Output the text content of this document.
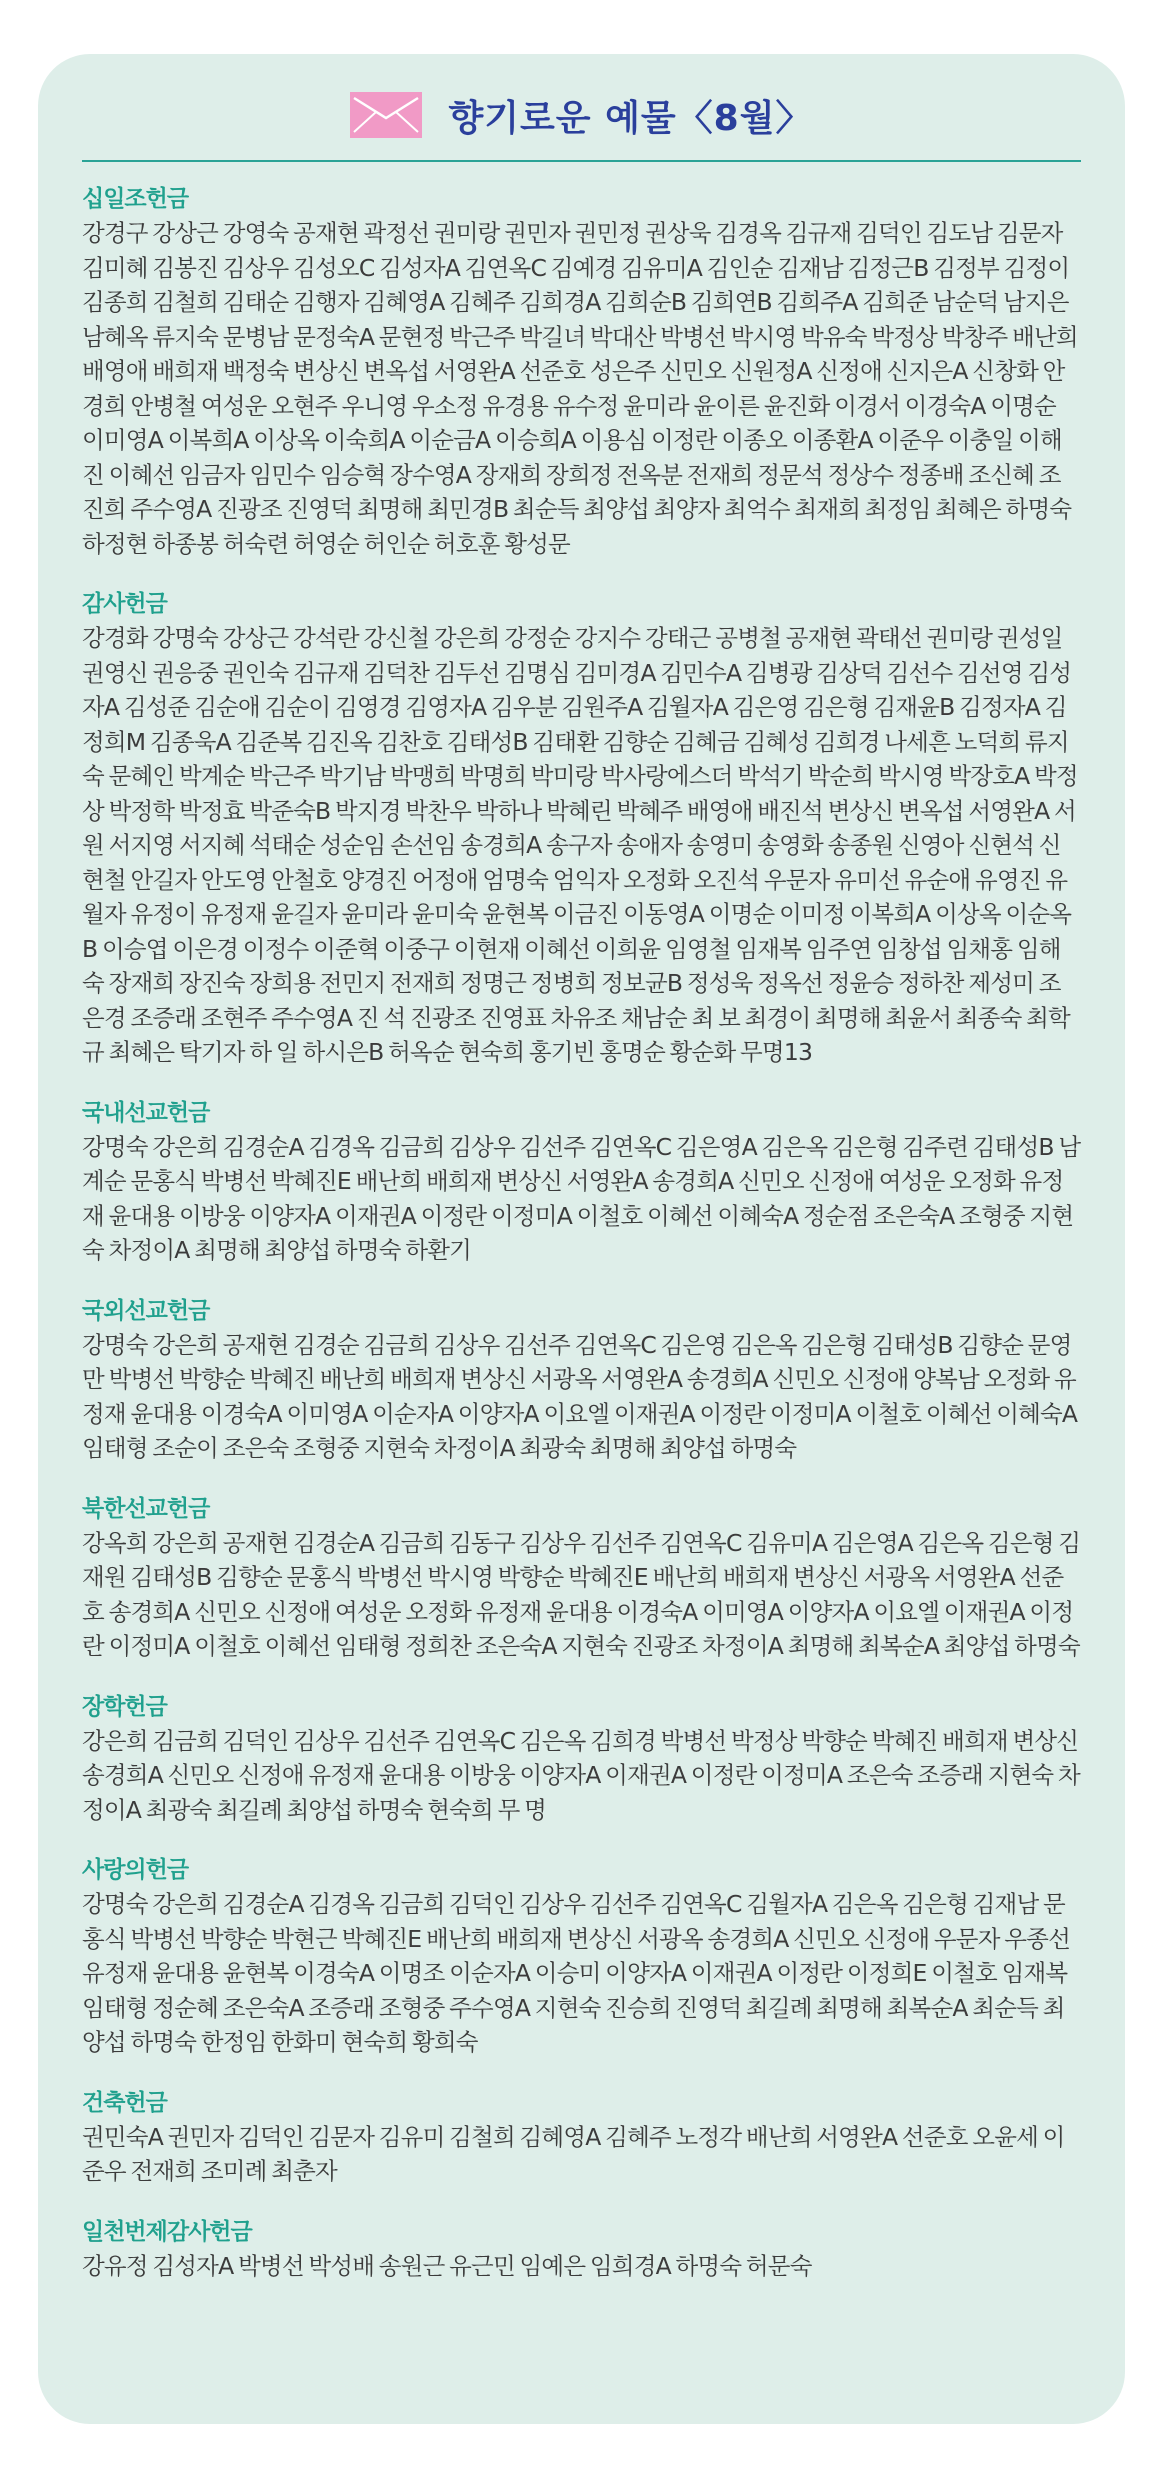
향기로운 예물〈8월〉
십일조헌금
강경구 강상근 강영숙 공재현 곽정선 권미랑 권민자 권민정 권상욱 김경옥 김규재 김덕인 김도남 김문자 김미혜 김봉진 김상우 김성오C 김성자A 김연옥C 김예경 김유미A 김인순 김재남 김정근B 김정부 김정이 김종희 김철희 김태순 김행자 김혜영A 김혜주 김희경A 김희순B 김희연B 김희주A 김희준 남순덕 남지은 남혜옥 류지숙 문병남 문정숙A 문현정 박근주 박길녀 박대산 박병선 박시영 박유숙 박정상 박창주 배난희 배영애 배희재 백정숙 변상신 변옥섭 서영완A 선준호 성은주 신민오 신원정A 신정애 신지은A 신창화 안경희 안병철 여성운 오현주 우니영 우소정 유경용 유수정 윤미라 윤이른 윤진화 이경서 이경숙A 이명순 이미영A 이복희A 이상옥 이숙희A 이순금A 이승희A 이용심 이정란 이종오 이종환A 이준우 이충일 이해진 이혜선 임금자 임민수 임승혁 장수영A 장재희 장희정 전옥분 전재희 정문석 정상수 정종배 조신혜 조진희 주수영A 진광조 진영덕 최명해 최민경B 최순득 최양섭 최양자 최억수 최재희 최정임 최혜은 하명숙 하정현 하종봉 허숙련 허영순 허인순 허호훈 황성문
감사헌금
강경화 강명숙 강상근 강석란 강신철 강은희 강정순 강지수 강태근 공병철 공재현 곽태선 권미랑 권성일 권영신 권응중 권인숙 김규재 김덕찬 김두선 김명심 김미경A 김민수A 김병광 김상덕 김선수 김선영 김성자A 김성준 김순애 김순이 김영경 김영자A 김우분 김원주A 김월자A 김은영 김은형 김재윤B 김정자A 김정희M 김종욱A 김준복 김진옥 김찬호 김태성B 김태환 김향순 김혜금 김혜성 김희경 나세흔 노덕희 류지숙 문혜인 박계순 박근주 박기남 박맹희 박명희 박미랑 박사랑에스더 박석기 박순희 박시영 박장호A 박정상 박정학 박정효 박준숙B 박지경 박찬우 박하나 박혜린 박혜주 배영애 배진석 변상신 변옥섭 서영완A 서 원 서지영 서지혜 석태순 성순임 손선임 송경희A 송구자 송애자 송영미 송영화 송종원 신영아 신현석 신현철 안길자 안도영 안철호 양경진 어정애 엄명숙 엄익자 오정화 오진석 우문자 유미선 유순애 유영진 유월자 유정이 유정재 윤길자 윤미라 윤미숙 윤현복 이금진 이동영A 이명순 이미정 이복희A 이상옥 이순옥B 이승엽 이은경 이정수 이준혁 이중구 이현재 이혜선 이희윤 임영철 임재복 임주연 임창섭 임채홍 임해숙 장재희 장진숙 장희용 전민지 전재희 정명근 정병희 정보균B 정성욱 정옥선 정윤승 정하찬 제성미 조은경 조증래 조현주 주수영A 진 석 진광조 진영표 차유조 채남순 최 보 최경이 최명해 최윤서 최종숙 최학규 최혜은 탁기자 하 일 하시은B 허옥순 현숙희 홍기빈 홍명순 황순화 무명13
국내선교헌금
강명숙 강은희 김경순A 김경옥 김금희 김상우 김선주 김연옥C 김은영A 김은옥 김은형 김주련 김태성B 남계순 문홍식 박병선 박혜진E 배난희 배희재 변상신 서영완A 송경희A 신민오 신정애 여성운 오정화 유정재 윤대용 이방웅 이양자A 이재권A 이정란 이정미A 이철호 이혜선 이혜숙A 정순점 조은숙A 조형중 지현숙 차정이A 최명해 최양섭 하명숙 하환기
국외선교헌금
강명숙 강은희 공재현 김경순 김금희 김상우 김선주 김연옥C 김은영 김은옥 김은형 김태성B 김향순 문영만 박병선 박향순 박혜진 배난희 배희재 변상신 서광옥 서영완A 송경희A 신민오 신정애 양복남 오정화 유정재 윤대용 이경숙A 이미영A 이순자A 이양자A 이요엘 이재권A 이정란 이정미A 이철호 이혜선 이혜숙A 임태형 조순이 조은숙 조형중 지현숙 차정이A 최광숙 최명해 최양섭 하명숙
북한선교헌금
강옥희 강은희 공재현 김경순A 김금희 김동구 김상우 김선주 김연옥C 김유미A 김은영A 김은옥 김은형 김재원 김태성B 김향순 문홍식 박병선 박시영 박향순 박혜진E 배난희 배희재 변상신 서광옥 서영완A 선준호 송경희A 신민오 신정애 여성운 오정화 유정재 윤대용 이경숙A 이미영A 이양자A 이요엘 이재권A 이정란 이정미A 이철호 이혜선 임태형 정희찬 조은숙A 지현숙 진광조 차정이A 최명해 최복순A 최양섭 하명숙
장학헌금
강은희 김금희 김덕인 김상우 김선주 김연옥C 김은옥 김희경 박병선 박정상 박향순 박혜진 배희재 변상신 송경희A 신민오 신정애 유정재 윤대용 이방웅 이양자A 이재권A 이정란 이정미A 조은숙 조증래 지현숙 차정이A 최광숙 최길례 최양섭 하명숙 현숙희 무 명
사랑의헌금
강명숙 강은희 김경순A 김경옥 김금희 김덕인 김상우 김선주 김연옥C 김월자A 김은옥 김은형 김재남 문홍식 박병선 박향순 박현근 박혜진E 배난희 배희재 변상신 서광옥 송경희A 신민오 신정애 우문자 우종선 유정재 윤대용 윤현복 이경숙A 이명조 이순자A 이승미 이양자A 이재권A 이정란 이정희E 이철호 임재복 임태형 정순혜 조은숙A 조증래 조형중 주수영A 지현숙 진승희 진영덕 최길례 최명해 최복순A 최순득 최양섭 하명숙 한정임 한화미 현숙희 황희숙
건축헌금
권민숙A 권민자 김덕인 김문자 김유미 김철희 김혜영A 김혜주 노정각 배난희 서영완A 선준호 오윤세 이준우 전재희 조미례 최춘자
일천번제감사헌금
강유정 김성자A 박병선 박성배 송원근 유근민 임예은 임희경A 하명숙 허문숙
